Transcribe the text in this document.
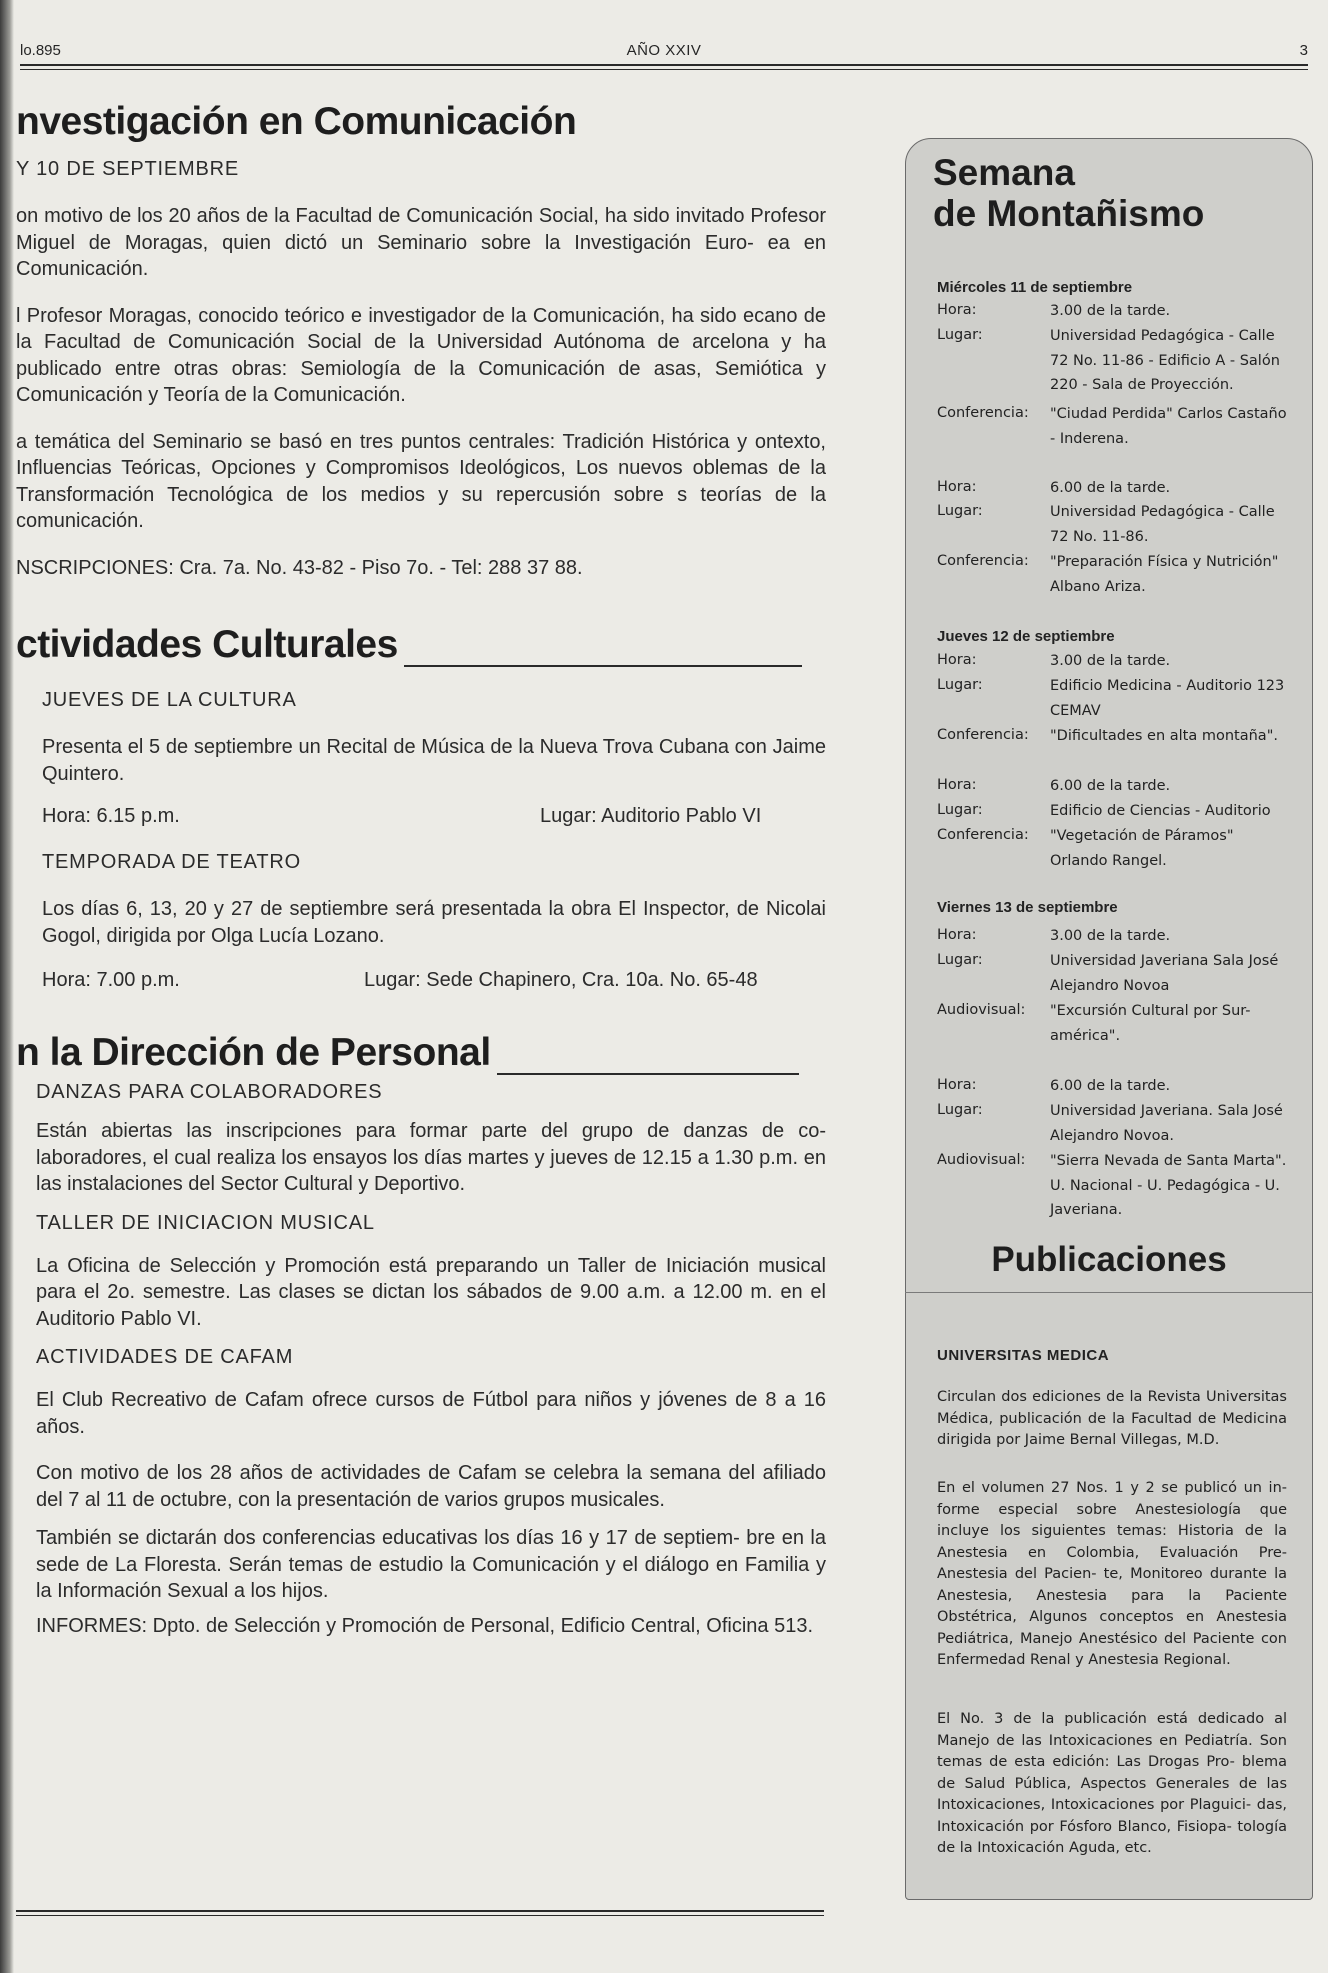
lo.895	AÑO XXIV	3
nvestigación en Comunicación
Y 10 DE SEPTIEMBRE

on motivo de los 20 años de la Facultad de Comunicación Social, ha sido invitado Profesor Miguel de Moragas, quien dictó un Seminario sobre la Investigación Euro- ea en Comunicación.

l Profesor Moragas, conocido teórico e investigador de la Comunicación, ha sido ecano de la Facultad de Comunicación Social de la Universidad Autónoma de arcelona y ha publicado entre otras obras: Semiología de la Comunicación de asas, Semiótica y Comunicación y Teoría de la Comunicación.

a temática del Seminario se basó en tres puntos centrales: Tradición Histórica y ontexto, Influencias Teóricas, Opciones y Compromisos Ideológicos, Los nuevos oblemas de la Transformación Tecnológica de los medios y su repercusión sobre s teorías de la comunicación.

NSCRIPCIONES: Cra. 7a. No. 43-82 - Piso 7o. - Tel: 288 37 88.

ctividades Culturales
JUEVES DE LA CULTURA

Presenta el 5 de septiembre un Recital de Música de la Nueva Trova Cubana con Jaime Quintero.

Hora: 6.15 p.m.	Lugar: Auditorio Pablo VI
TEMPORADA DE TEATRO

Los días 6, 13, 20 y 27 de septiembre será presentada la obra El Inspector, de Nicolai Gogol, dirigida por Olga Lucía Lozano.

Hora: 7.00 p.m.	Lugar: Sede Chapinero, Cra. 10a. No. 65-48
n la Dirección de Personal
DANZAS PARA COLABORADORES

Están abiertas las inscripciones para formar parte del grupo de danzas de co- laboradores, el cual realiza los ensayos los días martes y jueves de 12.15 a 1.30 p.m. en las instalaciones del Sector Cultural y Deportivo.

TALLER DE INICIACION MUSICAL

La Oficina de Selección y Promoción está preparando un Taller de Iniciación musical para el 2o. semestre. Las clases se dictan los sábados de 9.00 a.m. a 12.00 m. en el Auditorio Pablo VI.

ACTIVIDADES DE CAFAM

El Club Recreativo de Cafam ofrece cursos de Fútbol para niños y jóvenes de 8 a 16 años.

Con motivo de los 28 años de actividades de Cafam se celebra la semana del afiliado del 7 al 11 de octubre, con la presentación de varios grupos musicales.

También se dictarán dos conferencias educativas los días 16 y 17 de septiem- bre en la sede de La Floresta. Serán temas de estudio la Comunicación y el diálogo en Familia y la Información Sexual a los hijos.

INFORMES: Dpto. de Selección y Promoción de Personal, Edificio Central, Oficina 513.

Semana
de Montañismo
Miércoles 11 de septiembre
Hora:	3.00 de la tarde.
Lugar:	Universidad Pedagógica - Calle 72 No. 11-86 - Edificio A - Salón 220 - Sala de Proyección.
Conferencia: "Ciudad Perdida" Carlos Castaño - Inderena.
Hora:	6.00 de la tarde.
Lugar:	Universidad Pedagógica - Calle 72 No. 11-86.
Conferencia: "Preparación Física y Nutrición" Albano Ariza.
Jueves 12 de septiembre
Hora:	3.00 de la tarde.
Lugar:	Edificio Medicina - Auditorio 123 CEMAV
Conferencia: "Dificultades en alta montaña".
Hora:	6.00 de la tarde.
Lugar:	Edificio de Ciencias - Auditorio
Conferencia: "Vegetación de Páramos" Orlando Rangel.
Viernes 13 de septiembre
Hora:	3.00 de la tarde.
Lugar:	Universidad Javeriana Sala José Alejandro Novoa
Audiovisual: "Excursión Cultural por Sur- américa".
Hora:	6.00 de la tarde.
Lugar:	Universidad Javeriana. Sala José Alejandro Novoa.
Audiovisual: "Sierra Nevada de Santa Marta". U. Nacional - U. Pedagógica - U. Javeriana.
Publicaciones
UNIVERSITAS MEDICA
Circulan dos ediciones de la Revista Universitas Médica, publicación de la Facultad de Medicina dirigida por Jaime Bernal Villegas, M.D.
En el volumen 27 Nos. 1 y 2 se publicó un in- forme especial sobre Anestesiología que incluye los siguientes temas: Historia de la Anestesia en Colombia, Evaluación Pre-Anestesia del Pacien- te, Monitoreo durante la Anestesia, Anestesia para la Paciente Obstétrica, Algunos conceptos en Anestesia Pediátrica, Manejo Anestésico del Paciente con Enfermedad Renal y Anestesia Regional.
El No. 3 de la publicación está dedicado al Manejo de las Intoxicaciones en Pediatría. Son temas de esta edición: Las Drogas Pro- blema de Salud Pública, Aspectos Generales de las Intoxicaciones, Intoxicaciones por Plaguici- das, Intoxicación por Fósforo Blanco, Fisiopa- tología de la Intoxicación Aguda, etc.
